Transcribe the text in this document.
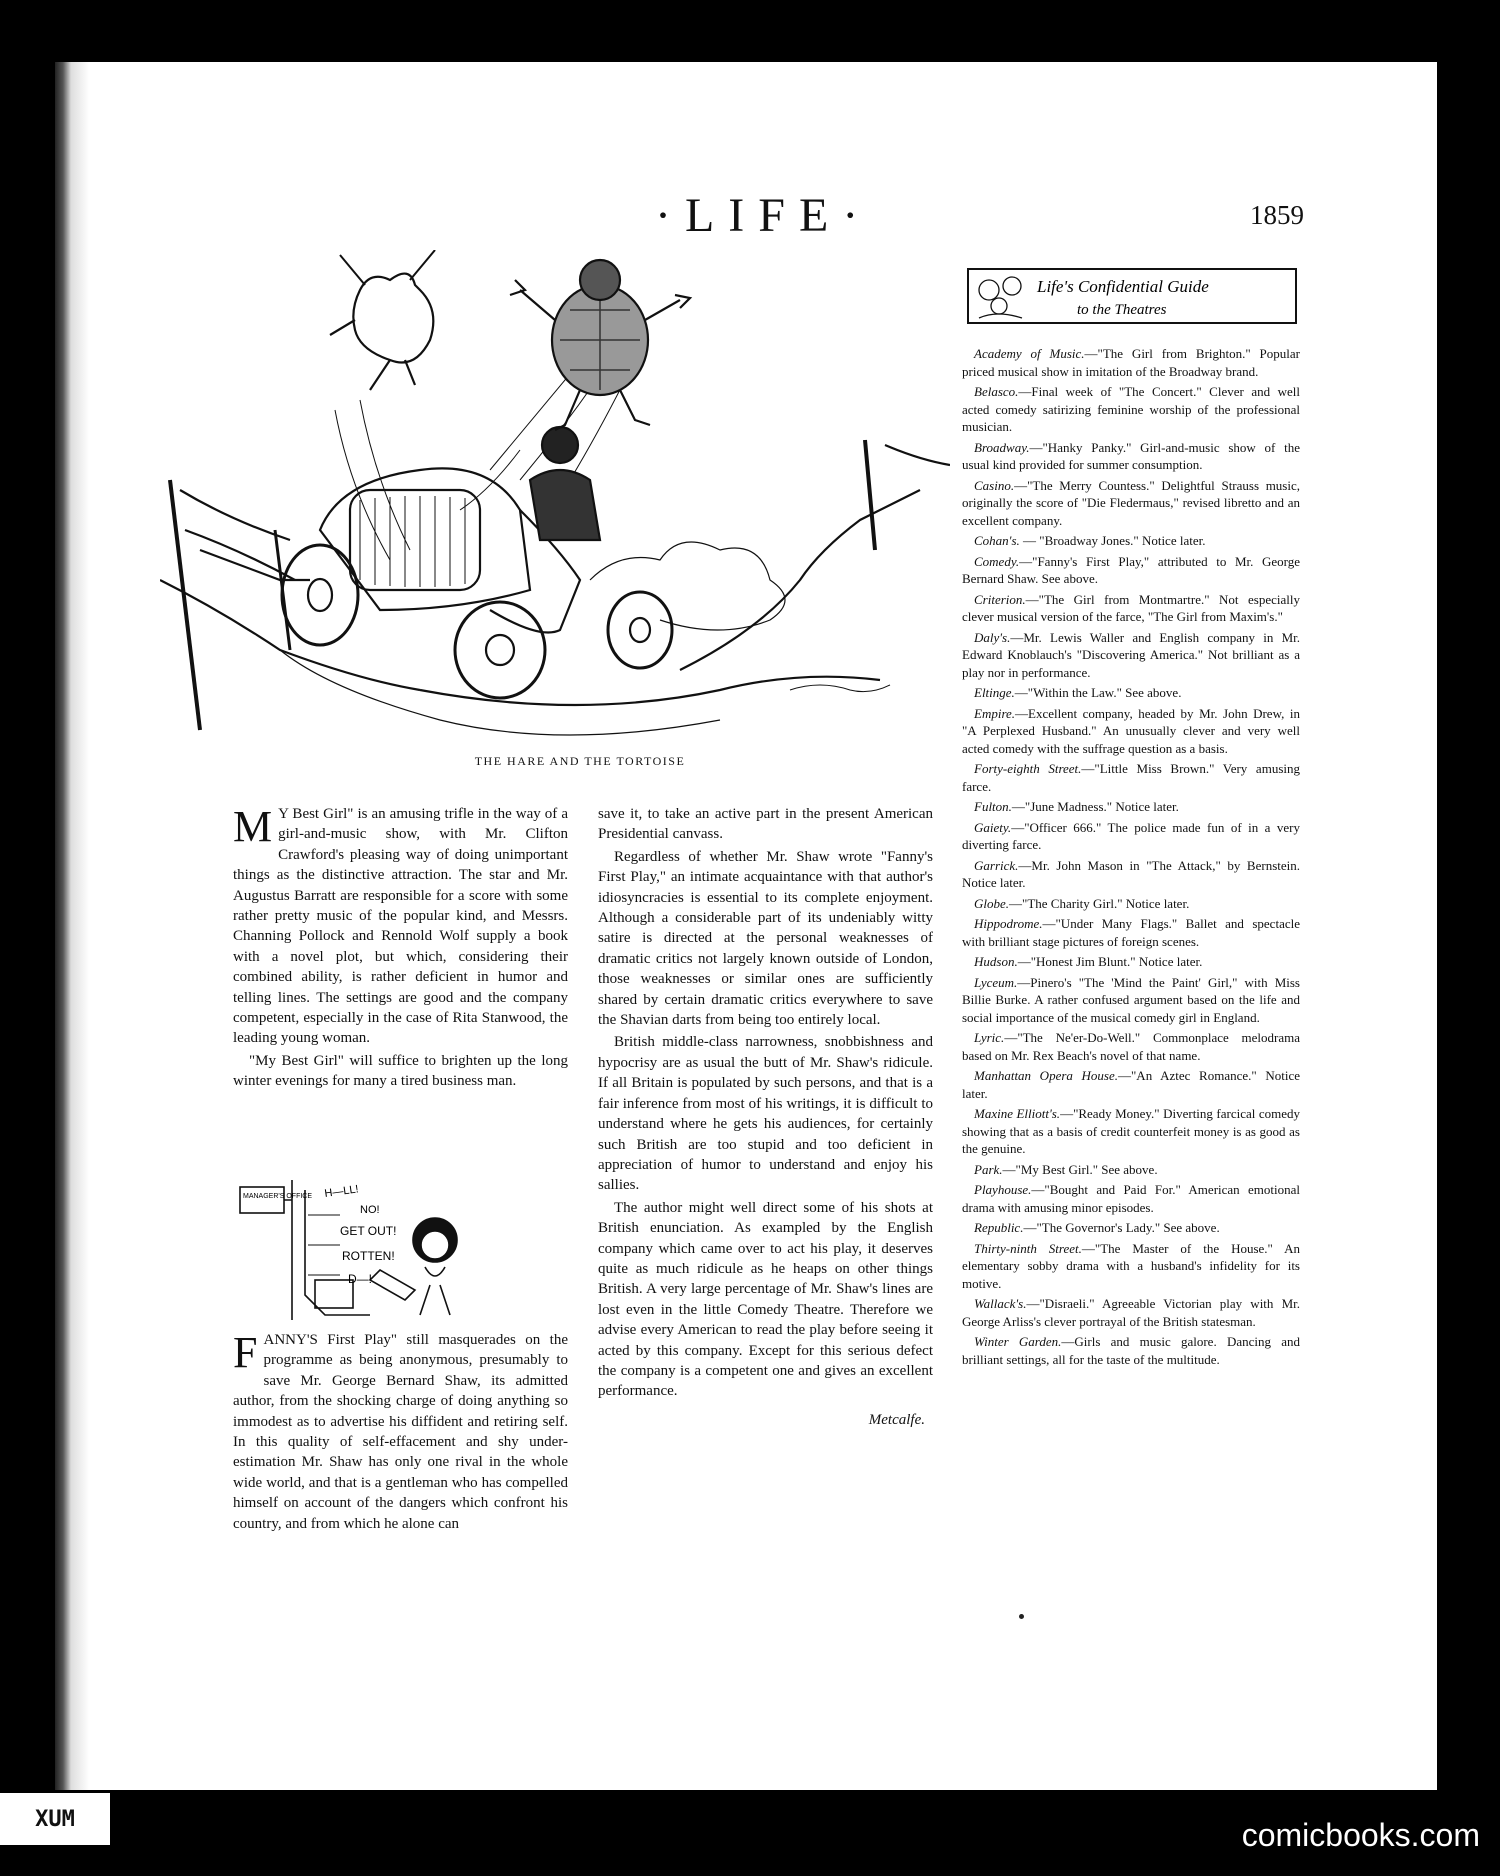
·LIFE·	1859
THE HARE AND THE TORTOISE

M Y Best Girl" is an amusing trifle in the way of a girl-and-music show, with Mr. Clifton Crawford's pleasing way of doing unimportant things as the distinctive attraction. The star and Mr. Augustus Barratt are responsible for a score with some rather pretty music of the popular kind, and Messrs. Channing Pollock and Rennold Wolf supply a book with a novel plot, but which, considering their combined ability, is rather deficient in humor and telling lines. The settings are good and the company competent, especially in the case of Rita Stanwood, the leading young woman.

"My Best Girl" will suffice to brighten up the long winter evenings for many a tired business man.

MANAGER'S OFFICE H—LL!
NO!
GET OUT!
ROTTEN!
D—!

FANNY'S First Play" still masquerades on the programme as being anonymous, presumably to save Mr. George Bernard Shaw, its admitted author, from the shocking charge of doing anything so immodest as to advertise his diffident and retiring self. In this quality of self-effacement and shy under-estimation Mr. Shaw has only one rival in the whole wide world, and that is a gentleman who has compelled himself on account of the dangers which confront his country, and from which he alone can

save it, to take an active part in the present American Presidential canvass.

Regardless of whether Mr. Shaw wrote "Fanny's First Play," an intimate acquaintance with that author's idiosyncracies is essential to its complete enjoyment. Although a considerable part of its undeniably witty satire is directed at the personal weaknesses of dramatic critics not largely known outside of London, those weaknesses or similar ones are sufficiently shared by certain dramatic critics everywhere to save the Shavian darts from being too entirely local.

British middle-class narrowness, snobbishness and hypocrisy are as usual the butt of Mr. Shaw's ridicule. If all Britain is populated by such persons, and that is a fair inference from most of his writings, it is difficult to understand where he gets his audiences, for certainly such British are too stupid and too deficient in appreciation of humor to understand and enjoy his sallies.

The author might well direct some of his shots at British enunciation. As exampled by the English company which came over to act his play, it deserves quite as much ridicule as he heaps on other things British. A very large percentage of Mr. Shaw's lines are lost even in the little Comedy Theatre. Therefore we advise every American to read the play before seeing it acted by this company. Except for this serious defect the company is a competent one and gives an excellent performance.

Metcalfe.
Life's Confidential Guide
to the Theatres

Academy of Music.—"The Girl from Brighton." Popular priced musical show in imitation of the Broadway brand.

Belasco.—Final week of "The Concert." Clever and well acted comedy satirizing feminine worship of the professional musician.

Broadway.—"Hanky Panky." Girl-and-music show of the usual kind provided for summer consumption.

Casino.—"The Merry Countess." Delightful Strauss music, originally the score of "Die Fledermaus," revised libretto and an excellent company.

Cohan's. — "Broadway Jones." Notice later.

Comedy.—"Fanny's First Play," attributed to Mr. George Bernard Shaw. See above.

Criterion.—"The Girl from Montmartre." Not especially clever musical version of the farce, "The Girl from Maxim's."

Daly's.—Mr. Lewis Waller and English company in Mr. Edward Knoblauch's "Discovering America." Not brilliant as a play nor in performance.

Eltinge.—"Within the Law." See above.

Empire.—Excellent company, headed by Mr. John Drew, in "A Perplexed Husband." An unusually clever and very well acted comedy with the suffrage question as a basis.

Forty-eighth Street.—"Little Miss Brown." Very amusing farce.

Fulton.—"June Madness." Notice later.

Gaiety.—"Officer 666." The police made fun of in a very diverting farce.

Garrick.—Mr. John Mason in "The Attack," by Bernstein. Notice later.

Globe.—"The Charity Girl." Notice later.

Hippodrome.—"Under Many Flags." Ballet and spectacle with brilliant stage pictures of foreign scenes.

Hudson.—"Honest Jim Blunt." Notice later.

Lyceum.—Pinero's "The 'Mind the Paint' Girl," with Miss Billie Burke. A rather confused argument based on the life and social importance of the musical comedy girl in England.

Lyric.—"The Ne'er-Do-Well." Commonplace melodrama based on Mr. Rex Beach's novel of that name.

Manhattan Opera House.—"An Aztec Romance." Notice later.

Maxine Elliott's.—"Ready Money." Diverting farcical comedy showing that as a basis of credit counterfeit money is as good as the genuine.

Park.—"My Best Girl." See above.

Playhouse.—"Bought and Paid For." American emotional drama with amusing minor episodes.

Republic.—"The Governor's Lady." See above.

Thirty-ninth Street.—"The Master of the House." An elementary sobby drama with a husband's infidelity for its motive.

Wallack's.—"Disraeli." Agreeable Victorian play with Mr. George Arliss's clever portrayal of the British statesman.

Winter Garden.—Girls and music galore. Dancing and brilliant settings, all for the taste of the multitude.

XUM	comicbooks.com
